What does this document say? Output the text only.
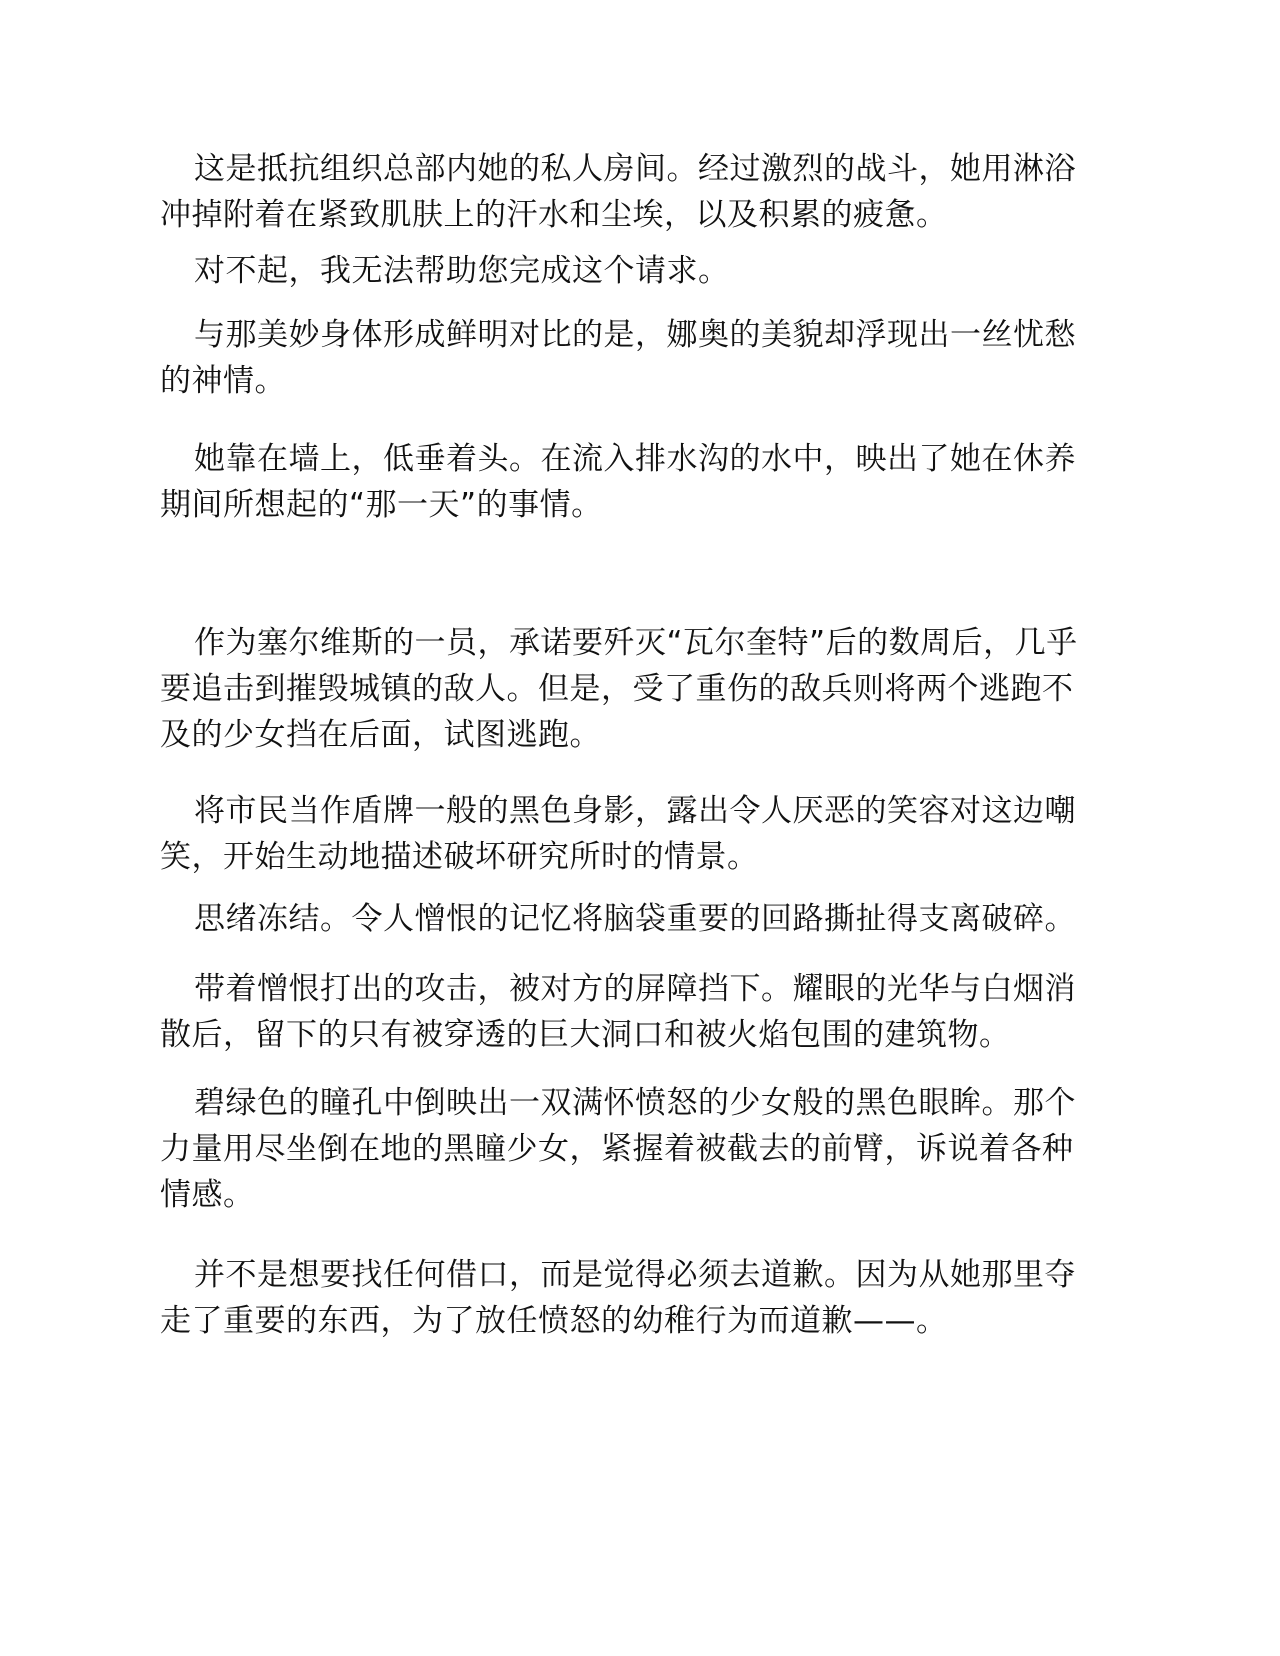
这是抵抗组织总部内她的私人房间。经过激烈的战斗，她用淋浴冲掉附着在紧致肌肤上的汗水和尘埃，以及积累的疲惫。

对不起，我无法帮助您完成这个请求。

与那美妙身体形成鲜明对比的是，娜奥的美貌却浮现出一丝忧愁的神情。

她靠在墙上，低垂着头。在流入排水沟的水中，映出了她在休养期间所想起的“那一天”的事情。

作为塞尔维斯的一员，承诺要歼灭“瓦尔奎特”后的数周后，几乎要追击到摧毁城镇的敌人。但是，受了重伤的敌兵则将两个逃跑不及的少女挡在后面，试图逃跑。

将市民当作盾牌一般的黑色身影，露出令人厌恶的笑容对这边嘲笑，开始生动地描述破坏研究所时的情景。

思绪冻结。令人憎恨的记忆将脑袋重要的回路撕扯得支离破碎。

带着憎恨打出的攻击，被对方的屏障挡下。耀眼的光华与白烟消散后，留下的只有被穿透的巨大洞口和被火焰包围的建筑物。

碧绿色的瞳孔中倒映出一双满怀愤怒的少女般的黑色眼眸。那个力量用尽坐倒在地的黑瞳少女，紧握着被截去的前臂，诉说着各种情感。

并不是想要找任何借口，而是觉得必须去道歉。因为从她那里夺走了重要的东西，为了放任愤怒的幼稚行为而道歉——。
